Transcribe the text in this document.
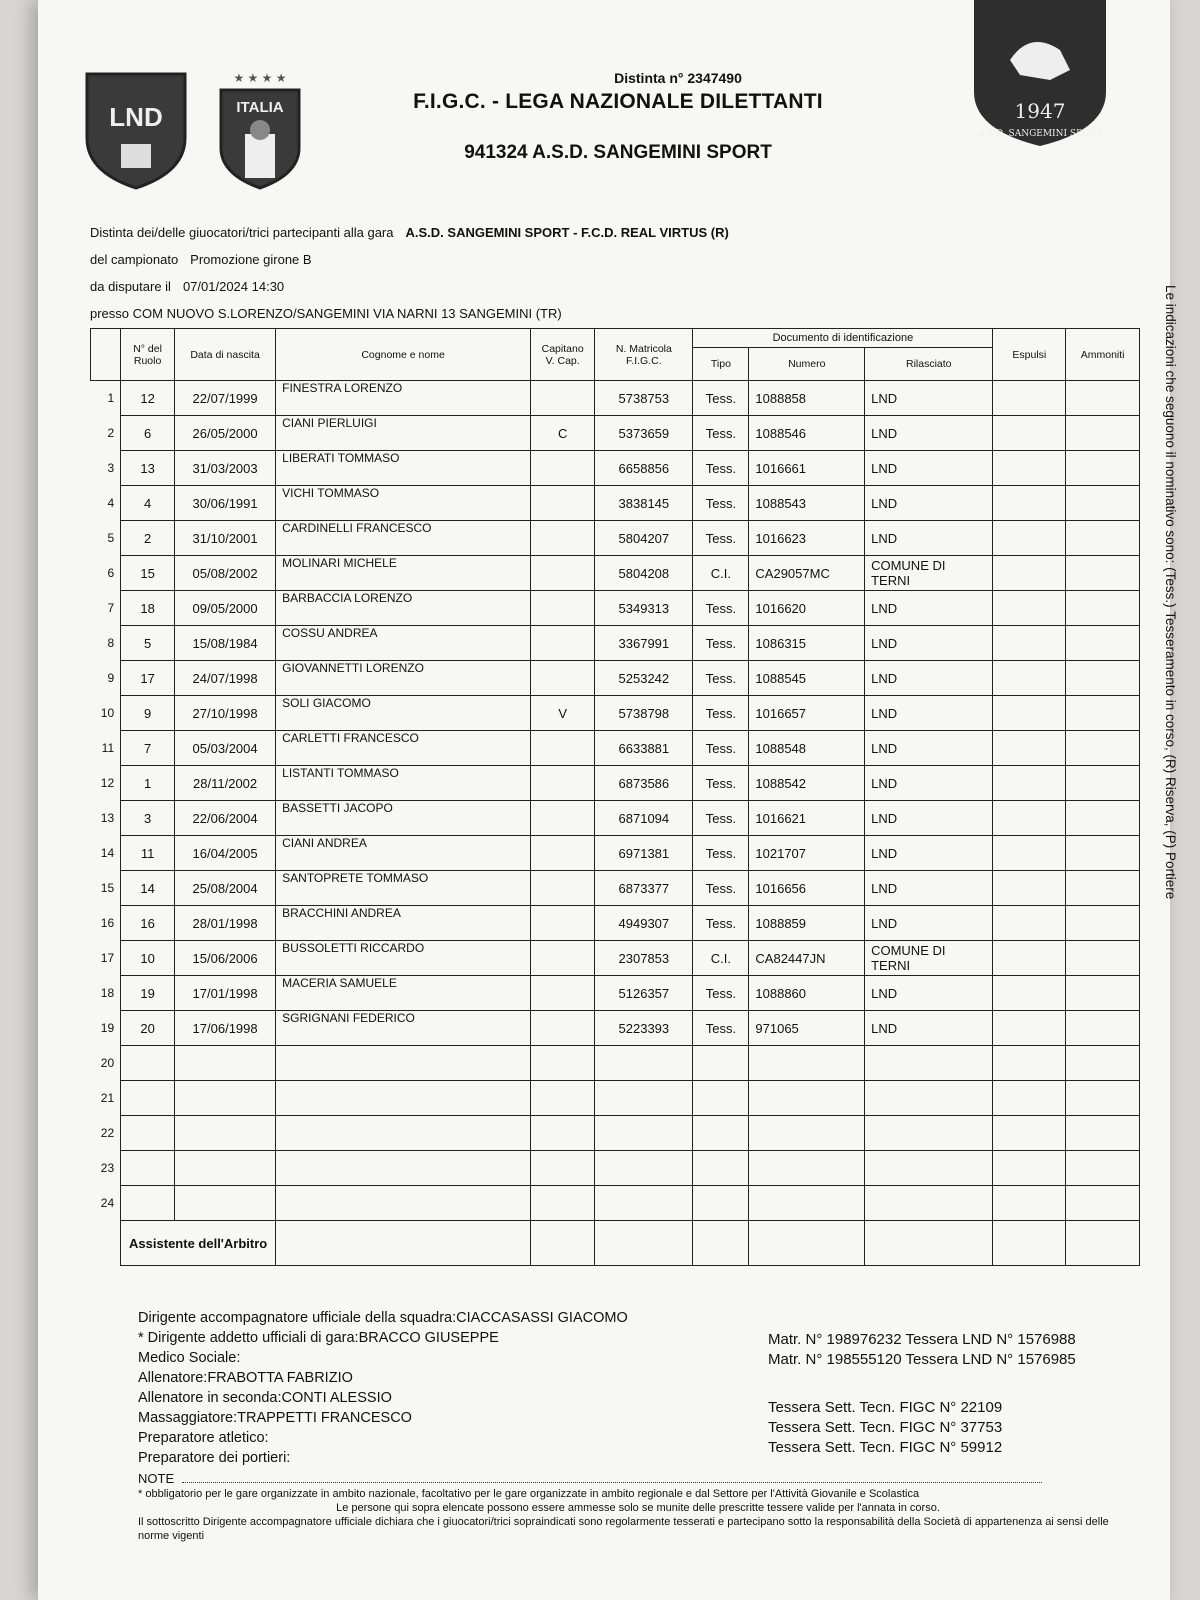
LND
★ ★ ★ ★
ITALIA
Distinta n° 2347490
F.I.G.C. - LEGA NAZIONALE DILETTANTI
941324 A.S.D. SANGEMINI SPORT
1947
A.S.D. SANGEMINI SPORT
Distinta dei/delle giuocatori/trici partecipanti alla gara A.S.D. SANGEMINI SPORT - F.C.D. REAL VIRTUS (R)
del campionato Promozione girone B
da disputare il 07/01/2024 14:30
presso COM NUOVO S.LORENZO/SANGEMINI VIA NARNI 13 SANGEMINI (TR)
	N° del Ruolo	Data di nascita	Cognome e nome	Capitano V. Cap.	N. Matricola F.I.G.C.	Documento di identificazione			Espulsi	Ammoniti
						Tipo	Numero	Rilasciato		
1	12	22/07/1999	FINESTRA LORENZO		5738753	Tess.	1088858	LND		
2	6	26/05/2000	CIANI PIERLUIGI	C	5373659	Tess.	1088546	LND		
3	13	31/03/2003	LIBERATI TOMMASO		6658856	Tess.	1016661	LND		
4	4	30/06/1991	VICHI TOMMASO		3838145	Tess.	1088543	LND		
5	2	31/10/2001	CARDINELLI FRANCESCO		5804207	Tess.	1016623	LND		
6	15	05/08/2002	MOLINARI MICHELE		5804208	C.I.	CA29057MC	COMUNE DI TERNI		
7	18	09/05/2000	BARBACCIA LORENZO		5349313	Tess.	1016620	LND		
8	5	15/08/1984	COSSU ANDREA		3367991	Tess.	1086315	LND		
9	17	24/07/1998	GIOVANNETTI LORENZO		5253242	Tess.	1088545	LND		
10	9	27/10/1998	SOLI GIACOMO	V	5738798	Tess.	1016657	LND		
11	7	05/03/2004	CARLETTI FRANCESCO		6633881	Tess.	1088548	LND		
12	1	28/11/2002	LISTANTI TOMMASO		6873586	Tess.	1088542	LND		
13	3	22/06/2004	BASSETTI JACOPO		6871094	Tess.	1016621	LND		
14	11	16/04/2005	CIANI ANDREA		6971381	Tess.	1021707	LND		
15	14	25/08/2004	SANTOPRETE TOMMASO		6873377	Tess.	1016656	LND		
16	16	28/01/1998	BRACCHINI ANDREA		4949307	Tess.	1088859	LND		
17	10	15/06/2006	BUSSOLETTI RICCARDO		2307853	C.I.	CA82447JN	COMUNE DI TERNI		
18	19	17/01/1998	MACERIA SAMUELE		5126357	Tess.	1088860	LND		
19	20	17/06/1998	SGRIGNANI FEDERICO		5223393	Tess.	971065	LND		
20										
21										
22										
23										
24										
	Assistente dell'Arbitro									
Dirigente accompagnatore ufficiale della squadra:CIACCASASSI GIACOMO
* Dirigente addetto ufficiali di gara:BRACCO GIUSEPPE
Medico Sociale:
Allenatore:FRABOTTA FABRIZIO
Allenatore in seconda:CONTI ALESSIO
Massaggiatore:TRAPPETTI FRANCESCO
Preparatore atletico:
Preparatore dei portieri:
Matr. N° 198976232 Tessera LND N° 1576988
Matr. N° 198555120 Tessera LND N° 1576985
Tessera Sett. Tecn. FIGC N° 22109
Tessera Sett. Tecn. FIGC N° 37753
Tessera Sett. Tecn. FIGC N° 59912
NOTE
* obbligatorio per le gare organizzate in ambito nazionale, facoltativo per le gare organizzate in ambito regionale e dal Settore per l'Attività Giovanile e Scolastica
Le persone qui sopra elencate possono essere ammesse solo se munite delle prescritte tessere valide per l'annata in corso.
Il sottoscritto Dirigente accompagnatore ufficiale dichiara che i giuocatori/trici sopraindicati sono regolarmente tesserati e partecipano sotto la responsabilità della Società di appartenenza ai sensi delle norme vigenti
Le indicazioni che seguono il nominativo sono: (Tess.) Tesseramento in corso, (R) Riserva, (P) Portiere
